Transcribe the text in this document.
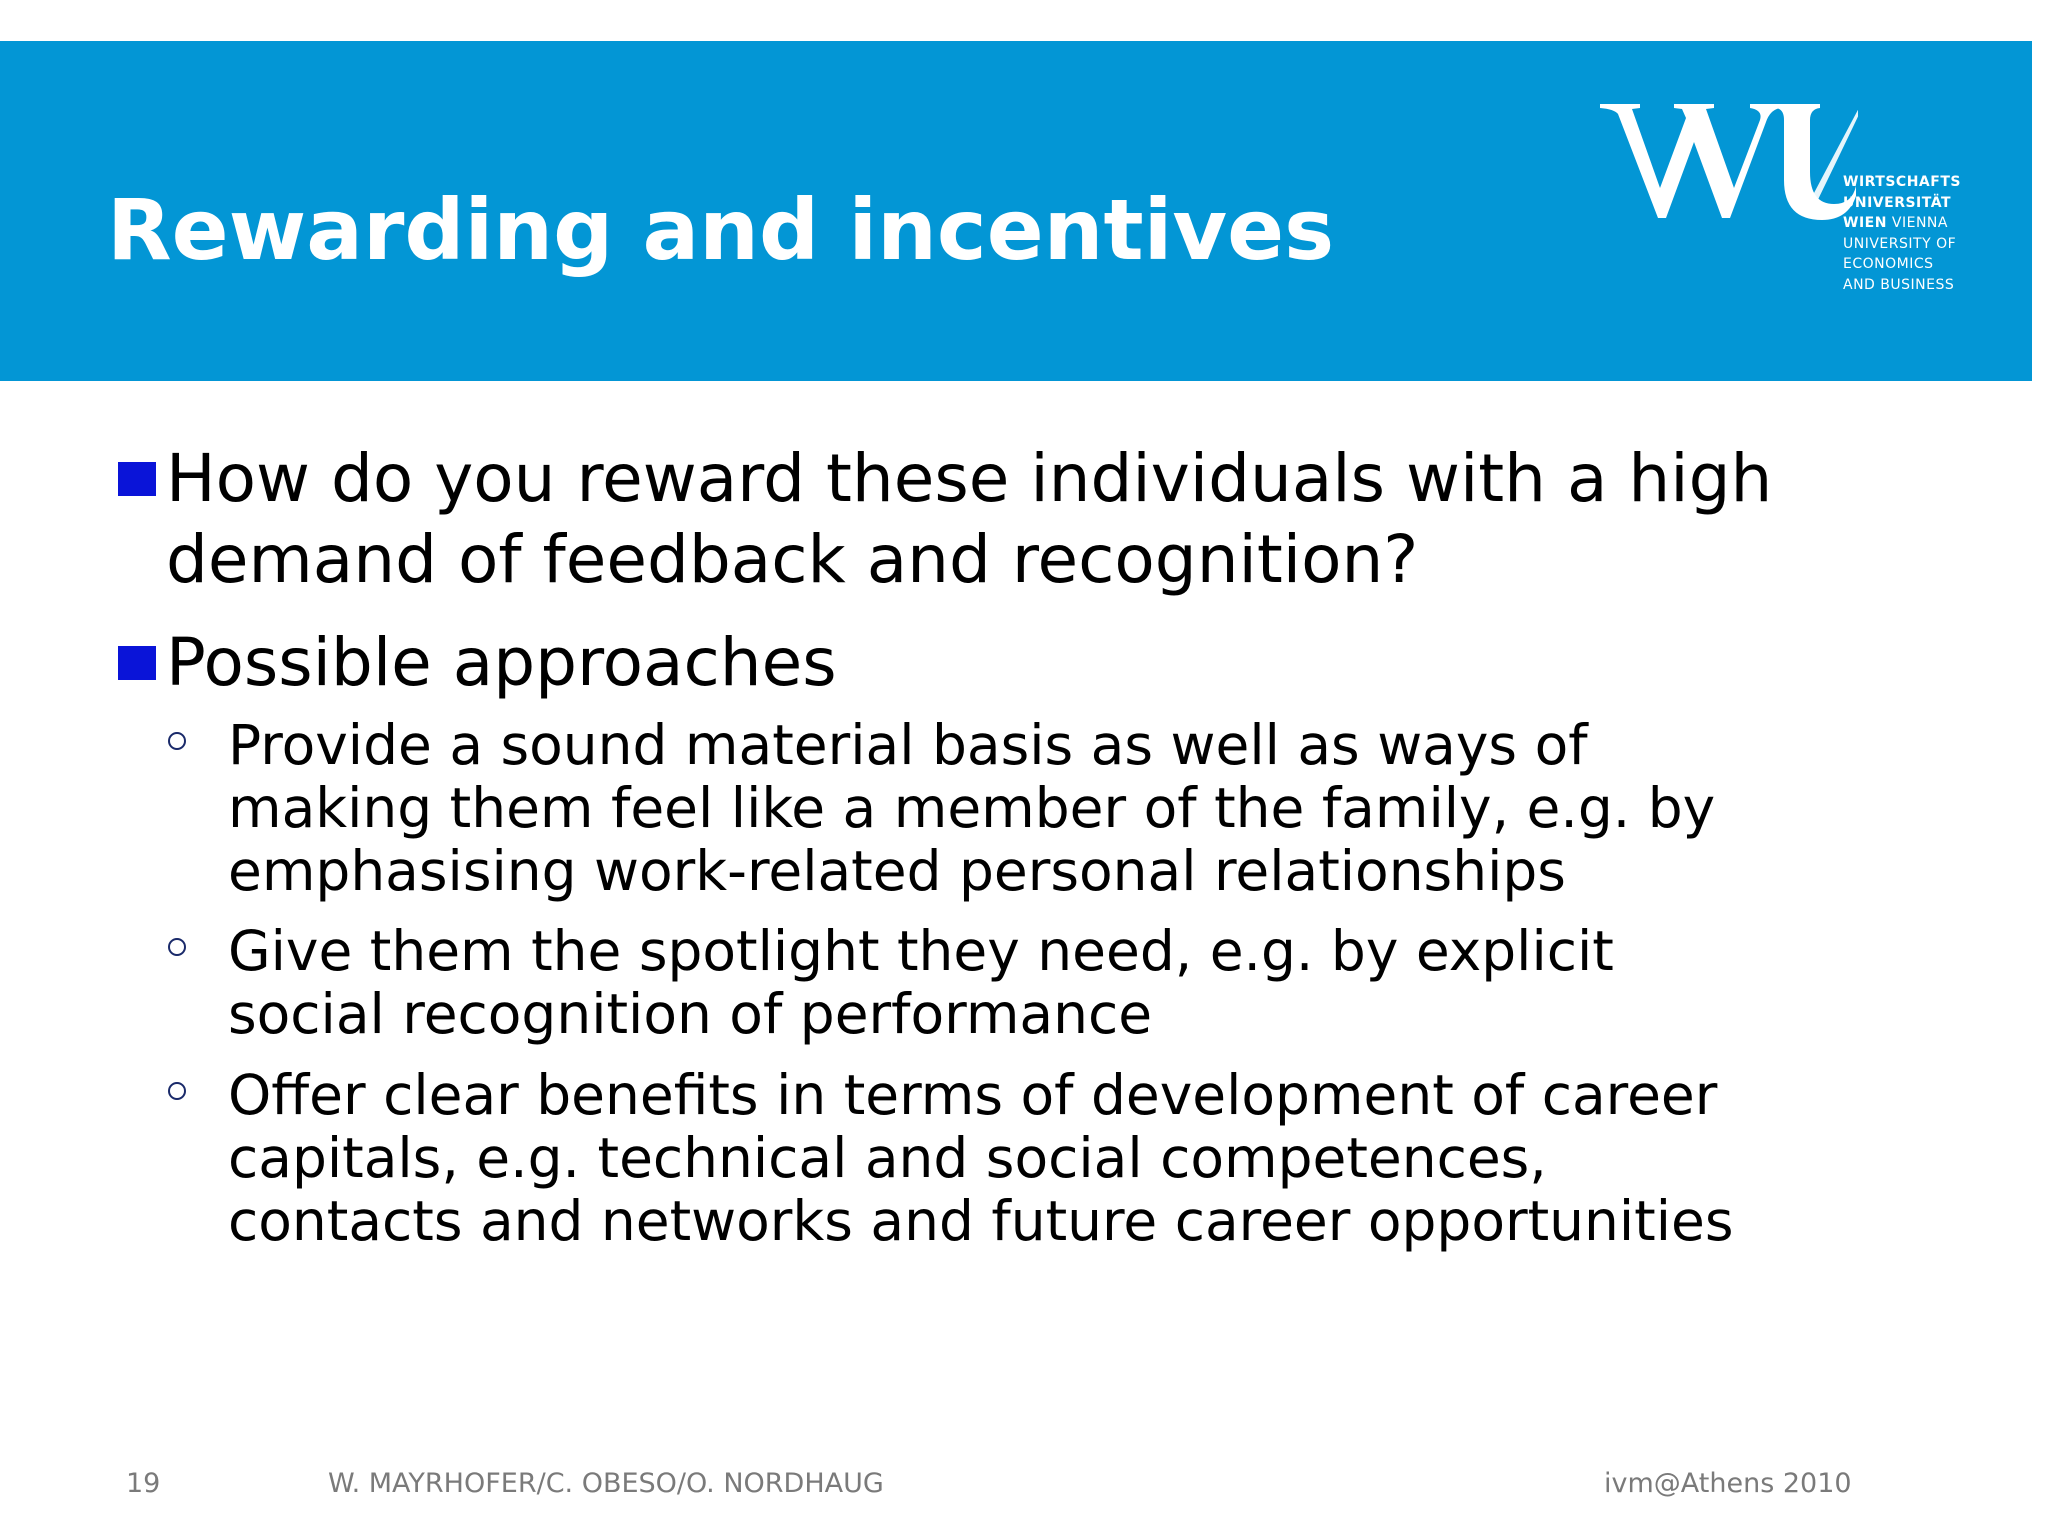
Rewarding and incentives	WIRTSCHAFTS
UNIVERSITÄT
WIEN VIENNA
UNIVERSITY OF
ECONOMICS
AND BUSINESS
How do you reward these individuals with a high
demand of feedback and recognition?
Possible approaches
Provide a sound material basis as well as ways of
making them feel like a member of the family, e.g. by
emphasising work-related personal relationships
Give them the spotlight they need, e.g. by explicit
social recognition of performance
Offer clear benefits in terms of development of career
capitals, e.g. technical and social competences,
contacts and networks and future career opportunities
19	W. MAYRHOFER/C. OBESO/O. NORDHAUG	ivm@Athens 2010
